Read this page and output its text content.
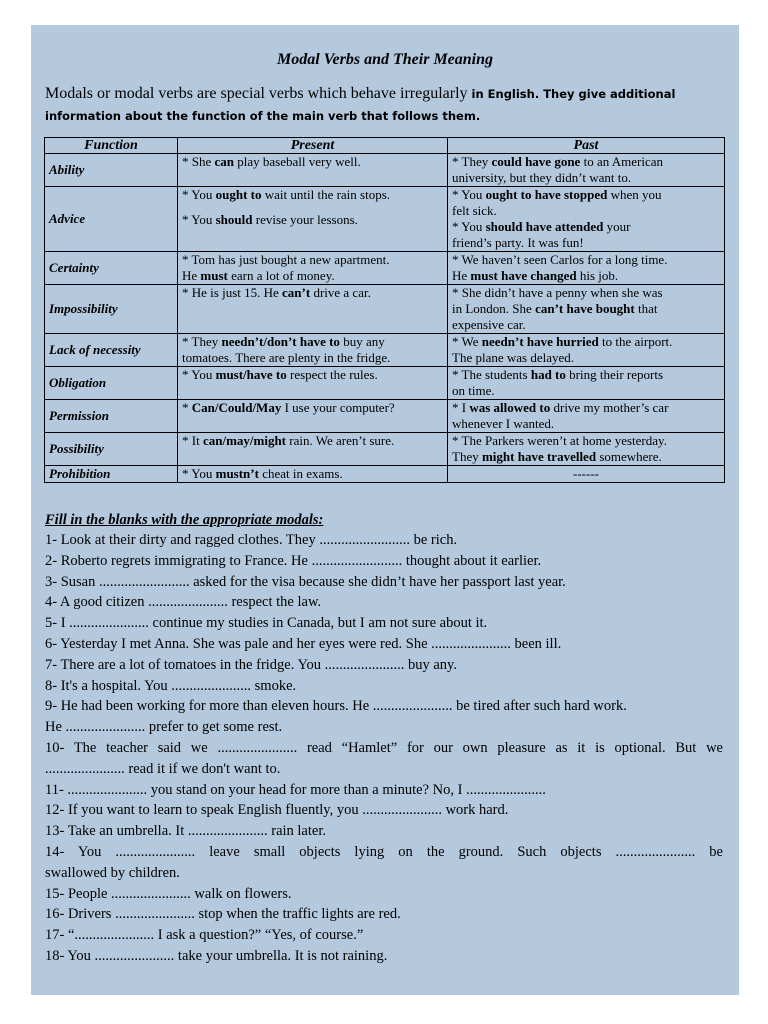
Modal Verbs and Their Meaning
Modals or modal verbs are special verbs which behave irregularly in English. They give additional
information about the function of the main verb that follows them.
Function	Present	Past
Ability	* She can play baseball very well.	* They could have gone to an American
university, but they didn’t want to.

Advice	* You ought to wait until the rain stops.
* You should revise your lessons.	* You ought to have stopped when you
felt sick.
* You should have attended your
friend’s party. It was fun!

Certainty	* Tom has just bought a new apartment.
He must earn a lot of money.	* We haven’t seen Carlos for a long time.
He must have changed his job.

Impossibility	* He is just 15. He can’t drive a car.	* She didn’t have a penny when she was
in London. She can’t have bought that
expensive car.

Lack of necessity	* They needn’t/don’t have to buy any
tomatoes. There are plenty in the fridge.	* We needn’t have hurried to the airport.
The plane was delayed.

Obligation	* You must/have to respect the rules.	* The students had to bring their reports
on time.

Permission	* Can/Could/May I use your computer?	* I was allowed to drive my mother’s car
whenever I wanted.

Possibility	* It can/may/might rain. We aren’t sure.	* The Parkers weren’t at home yesterday.
They might have travelled somewhere.

Prohibition	* You mustn’t cheat in exams.	------
Fill in the blanks with the appropriate modals:
1- Look at their dirty and ragged clothes. They ......................... be rich.
2- Roberto regrets immigrating to France. He ......................... thought about it earlier.
3- Susan ......................... asked for the visa because she didn’t have her passport last year.
4- A good citizen ...................... respect the law.
5- I ...................... continue my studies in Canada, but I am not sure about it.
6- Yesterday I met Anna. She was pale and her eyes were red. She ...................... been ill.
7- There are a lot of tomatoes in the fridge. You ...................... buy any.
8- It's a hospital. You ...................... smoke.
9- He had been working for more than eleven hours. He ...................... be tired after such hard work.
He ...................... prefer to get some rest.
10- The teacher said we ...................... read “Hamlet” for our own pleasure as it is optional. But we
...................... read it if we don't want to.
11- ...................... you stand on your head for more than a minute? No, I ......................
12- If you want to learn to speak English fluently, you ...................... work hard.
13- Take an umbrella. It ...................... rain later.
14- You ...................... leave small objects lying on the ground. Such objects ...................... be
swallowed by children.
15- People ...................... walk on flowers.
16- Drivers ...................... stop when the traffic lights are red.
17- “...................... I ask a question?” “Yes, of course.”
18- You ...................... take your umbrella. It is not raining.
